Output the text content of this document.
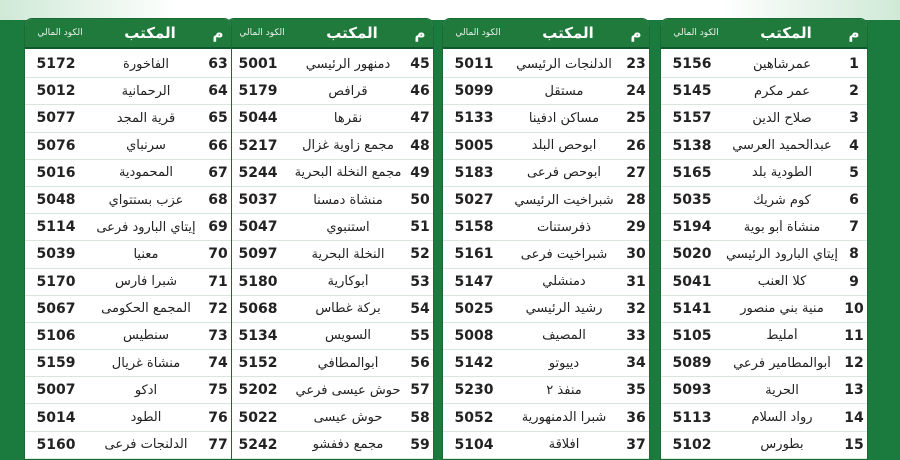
م
المكتب
الكود المالي
1
عمرشاهين
5156
2
عمر مكرم
5145
3
صلاح الدين
5157
4
عبدالحميد العرسي
5138
5
الطودية بلد
5165
6
كوم شريك
5035
7
منشأة أبو بوية
5194
8
إيتاي البارود الرئيسي
5020
9
كلا العنب
5041
10
منية بني منصور
5141
11
أمليط
5105
12
أبوالمطامير فرعي
5089
13
الحرية
5093
14
رواد السلام
5113
15
بطورس
5102
م
المكتب
الكود المالي
23
الدلنجات الرئيسي
5011
24
مستقل
5099
25
مساكن ادفينا
5133
26
ابوحص البلد
5005
27
ابوحص فرعى
5183
28
شبراخيت الرئيسي
5027
29
ذفرستنات
5158
30
شبراخيت فرعى
5161
31
دمنشلي
5147
32
رشيد الرئيسي
5025
33
المصيف
5008
34
دييوتو
5142
35
منفذ ٢
5230
36
شبرا الدمنهورية
5052
37
افلاقة
5104
م
المكتب
الكود المالي
45
دمنهور الرئيسي
5001
46
قرافص
5179
47
نقرها
5044
48
مجمع زاوية غزال
5217
49
مجمع النخلة البحرية
5244
50
منشأة دمسنا
5037
51
استنبوي
5047
52
النخلة البحرية
5097
53
أبوكارية
5180
54
بركة غطاس
5068
55
السويس
5134
56
أبوالمطافي
5152
57
حوش عيسى فرعي
5202
58
حوش عيسى
5022
59
مجمع دففشو
5242
م
المكتب
الكود المالي
63
الفاخورة
5172
64
الرحمانية
5012
65
قرية المجد
5077
66
سرنباي
5076
67
المحمودية
5016
68
عزب بستتواي
5048
69
إيتاي البارود فرعى
5114
70
معنيا
5039
71
شبرا فارس
5170
72
المجمع الحكومى
5067
73
سنطيس
5106
74
منشأة غريال
5159
75
ادكو
5007
76
الطود
5014
77
الدلنجات فرعى
5160
